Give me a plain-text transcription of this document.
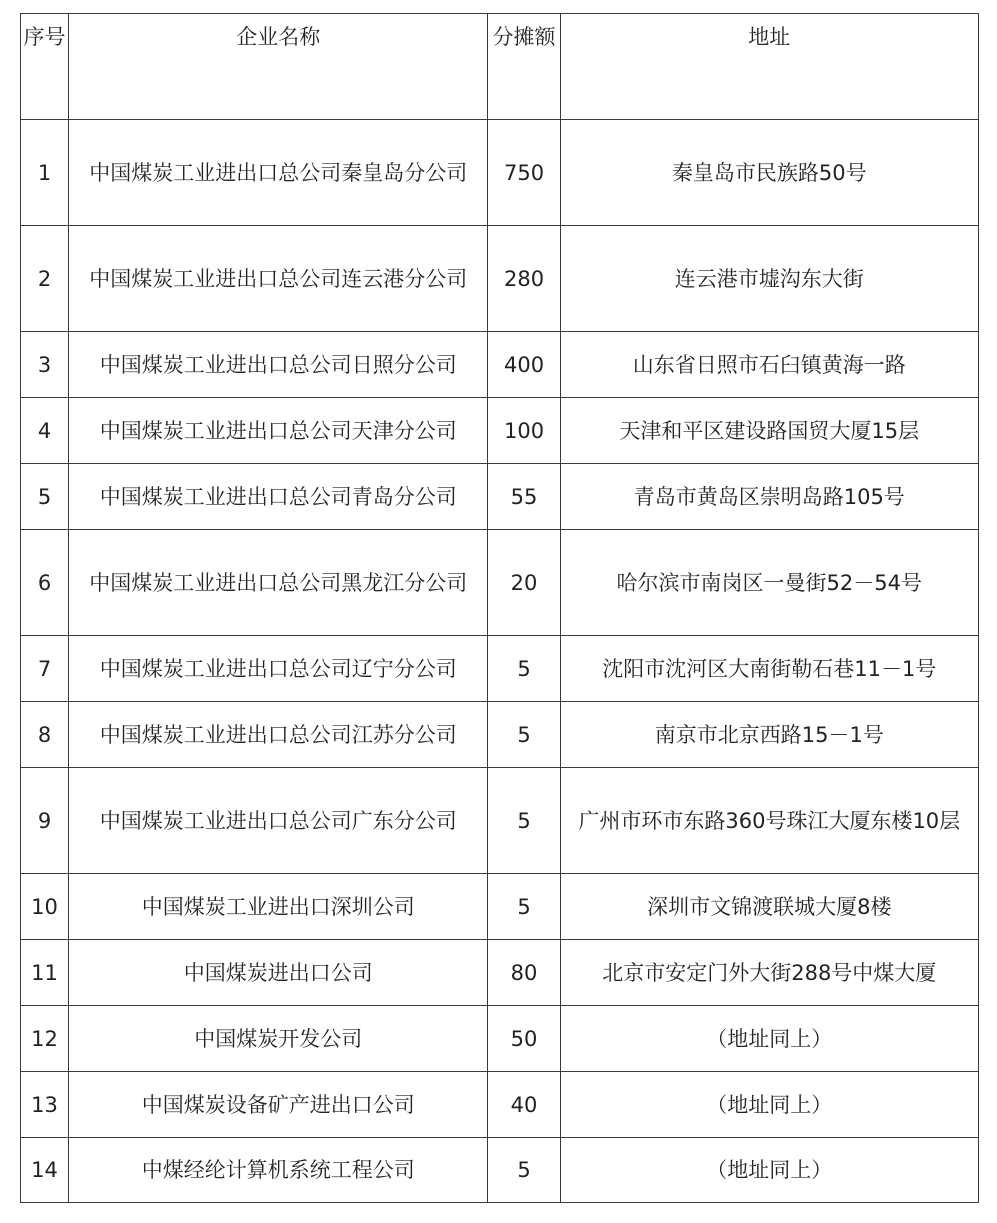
序号	企业名称	分摊额	地址
1	中国煤炭工业进出口总公司秦皇岛分公司	750	秦皇岛市民族路50号
2	中国煤炭工业进出口总公司连云港分公司	280	连云港市墟沟东大街
3	中国煤炭工业进出口总公司日照分公司	400	山东省日照市石臼镇黄海一路
4	中国煤炭工业进出口总公司天津分公司	100	天津和平区建设路国贸大厦15层
5	中国煤炭工业进出口总公司青岛分公司	55	青岛市黄岛区崇明岛路105号
6	中国煤炭工业进出口总公司黑龙江分公司	20	哈尔滨市南岗区一曼街52－54号
7	中国煤炭工业进出口总公司辽宁分公司	5	沈阳市沈河区大南街勒石巷11－1号
8	中国煤炭工业进出口总公司江苏分公司	5	南京市北京西路15－1号
9	中国煤炭工业进出口总公司广东分公司	5	广州市环市东路360号珠江大厦东楼10层
10	中国煤炭工业进出口深圳公司	5	深圳市文锦渡联城大厦8楼
11	中国煤炭进出口公司	80	北京市安定门外大街288号中煤大厦
12	中国煤炭开发公司	50	（地址同上）
13	中国煤炭设备矿产进出口公司	40	（地址同上）
14	中煤经纶计算机系统工程公司	5	（地址同上）
